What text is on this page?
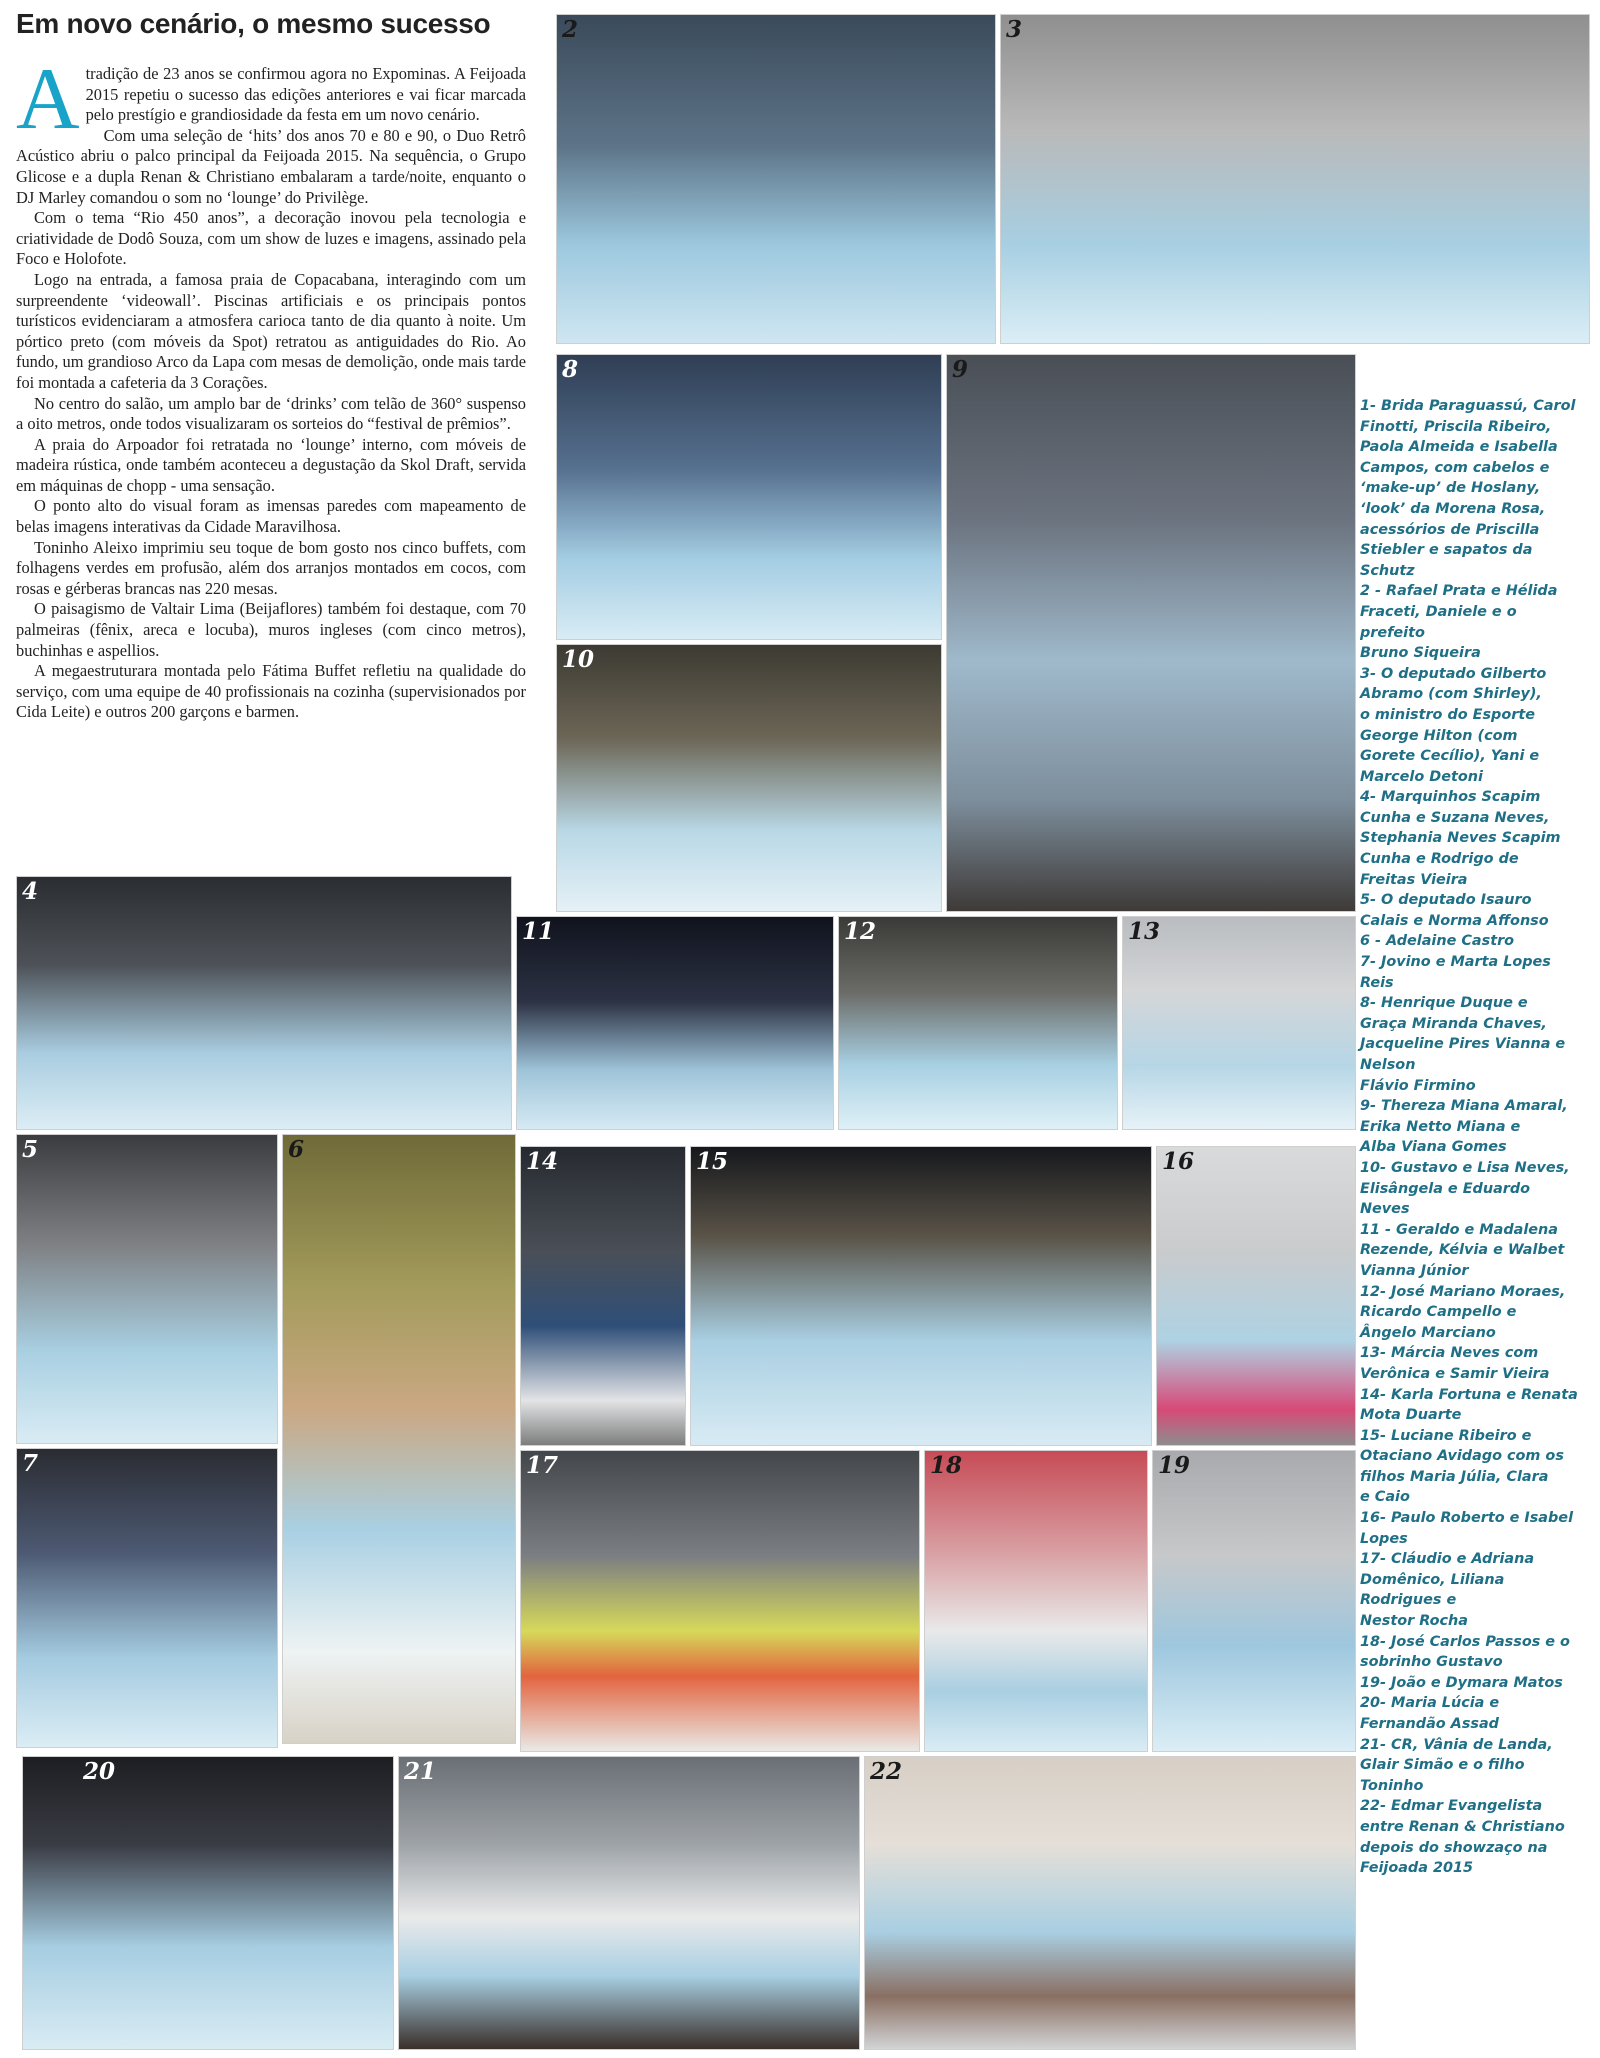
Em novo cenário, o mesmo sucesso
A tradição de 23 anos se confirmou agora no Expominas. A Feijoada 2015 repetiu o sucesso das edições anteriores e vai ficar marcada pelo prestígio e grandiosidade da festa em um novo cenário.

Com uma seleção de ‘hits’ dos anos 70 e 80 e 90, o Duo Retrô Acústico abriu o palco principal da Feijoada 2015. Na sequência, o Grupo Glicose e a dupla Renan & Christiano embalaram a tarde/noite, enquanto o DJ Marley comandou o som no ‘lounge’ do Privilège.

Com o tema “Rio 450 anos”, a decoração inovou pela tecnologia e criatividade de Dodô Souza, com um show de luzes e imagens, assinado pela Foco e Holofote.

Logo na entrada, a famosa praia de Copacabana, interagindo com um surpreendente ‘videowall’. Piscinas artificiais e os principais pontos turísticos evidenciaram a atmosfera carioca tanto de dia quanto à noite. Um pórtico preto (com móveis da Spot) retratou as antiguidades do Rio. Ao fundo, um grandioso Arco da Lapa com mesas de demolição, onde mais tarde foi montada a cafeteria da 3 Corações.

No centro do salão, um amplo bar de ‘drinks’ com telão de 360° suspenso a oito metros, onde todos visualizaram os sorteios do “festival de prêmios”.

A praia do Arpoador foi retratada no ‘lounge’ interno, com móveis de madeira rústica, onde também aconteceu a degustação da Skol Draft, servida em máquinas de chopp - uma sensação.

O ponto alto do visual foram as imensas paredes com mapeamento de belas imagens interativas da Cidade Maravilhosa.

Toninho Aleixo imprimiu seu toque de bom gosto nos cinco buffets, com folhagens verdes em profusão, além dos arranjos montados em cocos, com rosas e gérberas brancas nas 220 mesas.

O paisagismo de Valtair Lima (Beijaflores) também foi destaque, com 70 palmeiras (fênix, areca e locuba), muros ingleses (com cinco metros), buchinhas e aspellios.

A megaestruturara montada pelo Fátima Buffet refletiu na qualidade do serviço, com uma equipe de 40 profissionais na cozinha (supervisionados por Cida Leite) e outros 200 garçons e barmen.

2	3
8	9
10
4
11	12	13
5	6	14	15	16
7	17	18	19
20	21	22
1- Brida Paraguassú, Carol
Finotti, Priscila Ribeiro,
Paola Almeida e Isabella
Campos, com cabelos e
‘make-up’ de Hoslany,
‘look’ da Morena Rosa,
acessórios de Priscilla
Stiebler e sapatos da
Schutz
2 - Rafael Prata e Hélida
Fraceti, Daniele e o
prefeito
Bruno Siqueira
3- O deputado Gilberto
Abramo (com Shirley),
o ministro do Esporte
George Hilton (com
Gorete Cecílio), Yani e
Marcelo Detoni
4- Marquinhos Scapim
Cunha e Suzana Neves,
Stephania Neves Scapim
Cunha e Rodrigo de
Freitas Vieira
5- O deputado Isauro
Calais e Norma Affonso
6 - Adelaine Castro
7- Jovino e Marta Lopes
Reis
8- Henrique Duque e
Graça Miranda Chaves,
Jacqueline Pires Vianna e
Nelson
Flávio Firmino
9- Thereza Miana Amaral,
Erika Netto Miana e
Alba Viana Gomes
10- Gustavo e Lisa Neves,
Elisângela e Eduardo
Neves
11 - Geraldo e Madalena
Rezende, Kélvia e Walbet
Vianna Júnior
12- José Mariano Moraes,
Ricardo Campello e
Ângelo Marciano
13- Márcia Neves com
Verônica e Samir Vieira
14- Karla Fortuna e Renata
Mota Duarte
15- Luciane Ribeiro e
Otaciano Avidago com os
filhos Maria Júlia, Clara
e Caio
16- Paulo Roberto e Isabel
Lopes
17- Cláudio e Adriana
Domênico, Liliana
Rodrigues e
Nestor Rocha
18- José Carlos Passos e o
sobrinho Gustavo
19- João e Dymara Matos
20- Maria Lúcia e
Fernandão Assad
21- CR, Vânia de Landa,
Glair Simão e o filho
Toninho
22- Edmar Evangelista
entre Renan & Christiano
depois do showzaço na
Feijoada 2015
